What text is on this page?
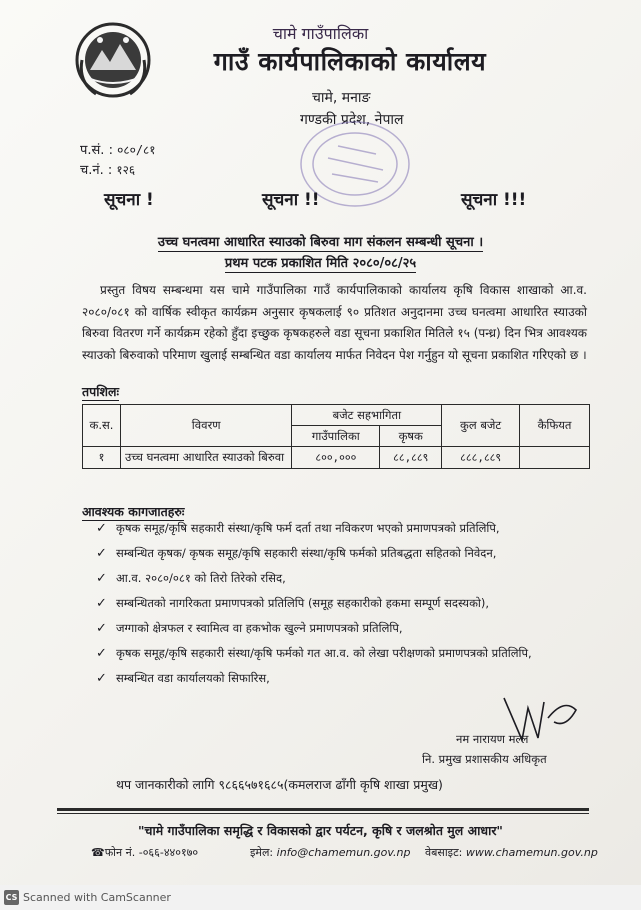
चामे गाउँपालिका
गाउँ कार्यपालिकाको कार्यालय
चामे, मनाङ
गण्डकी प्रदेश, नेपाल
प.सं. : ०८०/८१
च.नं. : १२६
सूचना !	सूचना !!	सूचना !!!
उच्च घनत्वमा आधारित स्याउको बिरुवा माग संकलन सम्बन्धी सूचना ।
प्रथम पटक प्रकाशित मिति २०८०/०८/२५
प्रस्तुत विषय सम्बन्धमा यस चामे गाउँपालिका गाउँ कार्यपालिकाको कार्यालय कृषि विकास शाखाको आ.व. २०८०/०८१ को वार्षिक स्वीकृत कार्यक्रम अनुसार कृषकलाई ९० प्रतिशत अनुदानमा उच्च घनत्वमा आधारित स्याउको बिरुवा वितरण गर्ने कार्यक्रम रहेको हुँदा इच्छुक कृषकहरुले वडा सूचना प्रकाशित मितिले १५ (पन्ध्र) दिन भित्र आवश्यक स्याउको बिरुवाको परिमाण खुलाई सम्बन्धित वडा कार्यालय मार्फत निवेदन पेश गर्नुहुन यो सूचना प्रकाशित गरिएको छ ।
तपशिलः
क.स.	विवरण	बजेट सहभागिता		कुल बजेट	कैफियत
		गाउँपालिका	कृषक		
१	उच्च घनत्वमा आधारित स्याउको बिरुवा	८००,०००	८८,८८९	८८८,८८९	
आवश्यक कागजातहरुः
✓ कृषक समूह/कृषि सहकारी संस्था/कृषि फर्म दर्ता तथा नविकरण भएको प्रमाणपत्रको प्रतिलिपि,
✓ सम्बन्धित कृषक/ कृषक समूह/कृषि सहकारी संस्था/कृषि फर्मको प्रतिबद्धता सहितको निवेदन,
✓ आ.व. २०८०/०८१ को तिरो तिरेको रसिद,
✓ सम्बन्धितको नागरिकता प्रमाणपत्रको प्रतिलिपि (समूह सहकारीको हकमा सम्पूर्ण सदस्यको),
✓ जग्गाको क्षेत्रफल र स्वामित्व वा हकभोक खुल्ने प्रमाणपत्रको प्रतिलिपि,
✓ कृषक समूह/कृषि सहकारी संस्था/कृषि फर्मको गत आ.व. को लेखा परीक्षणको प्रमाणपत्रको प्रतिलिपि,
✓ सम्बन्धित वडा कार्यालयको सिफारिस,
नम नारायण मल्ल
नि. प्रमुख प्रशासकीय अधिकृत
थप जानकारीको लागि ९८६६५७१६८५(कमलराज ढाँगी कृषि शाखा प्रमुख)
"चामे गाउँपालिका समृद्धि र विकासको द्वार पर्यटन, कृषि र जलश्रोत मुल आधार"
☎फोन नं. -०६६-४४०१७०	इमेल: info@chamemun.gov.np वेबसाइट: www.chamemun.gov.np
CS Scanned with CamScanner
